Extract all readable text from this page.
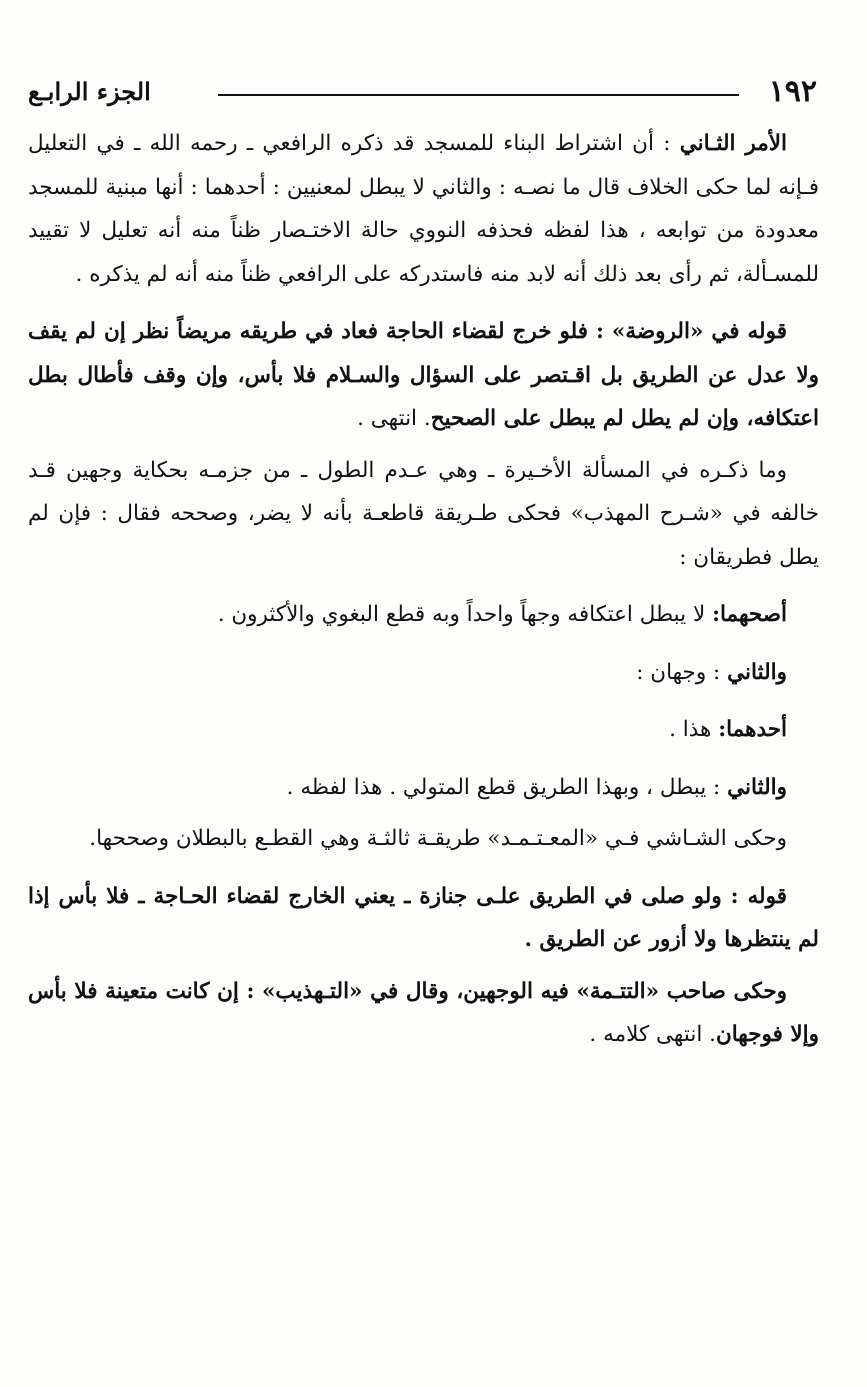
١٩٢
الجزء الرابـع

الأمر الثـاني : أن اشتراط البناء للمسجد قد ذكره الرافعي ـ رحمه الله ـ في التعليل فـإنه لما حكى الخلاف قال ما نصـه : والثاني لا يبطل لمعنيين : أحدهما : أنها مبنية للمسجد معدودة من توابعه ، هذا لفظه فحذفه النووي حالة الاختـصار ظناً منه أنه تعليل لا تقييد للمسـألة، ثم رأى بعد ذلك أنه لابد منه فاستدركه على الرافعي ظناً منه أنه لم يذكره .

قوله في «الروضة» : فلو خرج لقضاء الحاجة فعاد في طريقه مريضاً نظر إن لم يقف ولا عدل عن الطريق بل اقـتصر على السؤال والسـلام فلا بأس، وإن وقف فأطال بطل اعتكافه، وإن لم يطل لم يبطل على الصحيح. انتهى .

وما ذكـره في المسألة الأخـيرة ـ وهي عـدم الطول ـ من جزمـه بحكاية وجهين قـد خالفه في «شـرح المهذب» فحكى طـريقة قاطعـة بأنه لا يضر، وصححه فقال : فإن لم يطل فطريقان :

أصحهما: لا يبطل اعتكافه وجهاً واحداً وبه قطع البغوي والأكثرون .

والثاني : وجهان :

أحدهما: هذا .

والثاني : يبطل ، وبهذا الطريق قطع المتولي . هذا لفظه .

وحكى الشـاشي فـي «المعـتـمـد» طريقـة ثالثـة وهي القطـع بالبطلان وصححها.

قوله : ولو صلى في الطريق علـى جنازة ـ يعني الخارج لقضاء الحـاجة ـ فلا بأس إذا لم ينتظرها ولا أزور عن الطريق .

وحكى صاحب «التتـمة» فيه الوجهين، وقال في «التـهذيب» : إن كانت متعينة فلا بأس وإلا فوجهان. انتهى كلامه .
